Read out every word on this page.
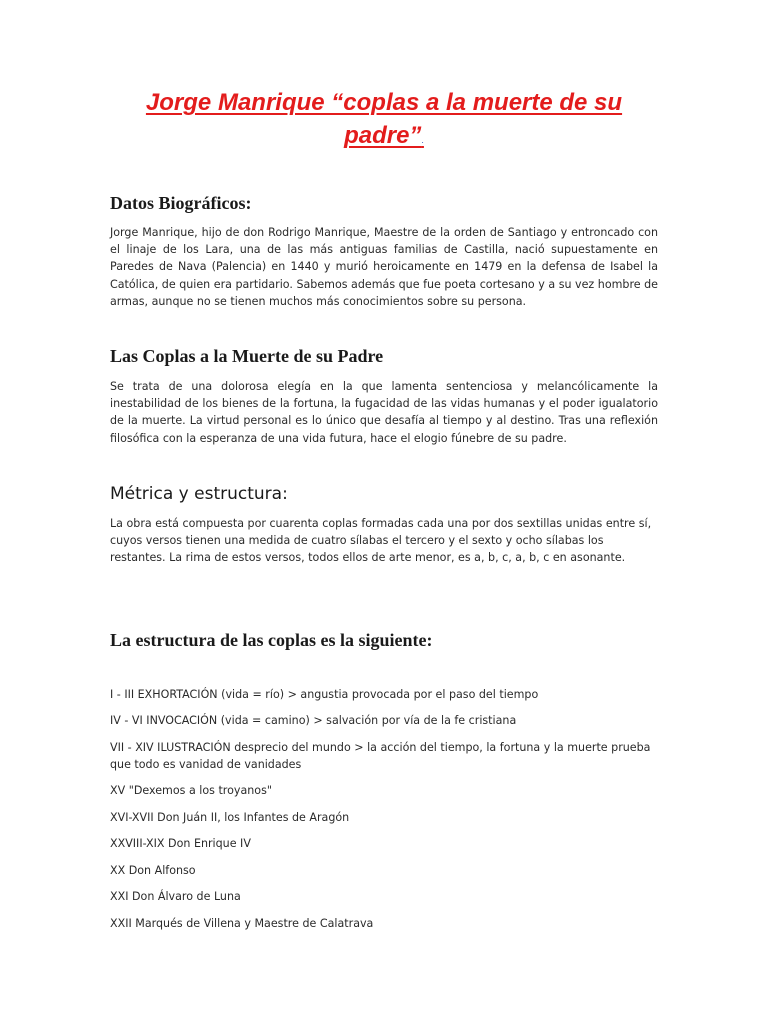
Jorge Manrique “coplas a la muerte de su
padre”.
Datos Biográficos:

Jorge Manrique, hijo de don Rodrigo Manrique, Maestre de la orden de Santiago y entroncado con el linaje de los Lara, una de las más antiguas familias de Castilla, nació supuestamente en Paredes de Nava (Palencia) en 1440 y murió heroicamente en 1479 en la defensa de Isabel la Católica, de quien era partidario. Sabemos además que fue poeta cortesano y a su vez hombre de armas, aunque no se tienen muchos más conocimientos sobre su persona.

Las Coplas a la Muerte de su Padre

Se trata de una dolorosa elegía en la que lamenta sentenciosa y melancólicamente la inestabilidad de los bienes de la fortuna, la fugacidad de las vidas humanas y el poder igualatorio de la muerte. La virtud personal es lo único que desafía al tiempo y al destino. Tras una reflexión filosófica con la esperanza de una vida futura, hace el elogio fúnebre de su padre.

Métrica y estructura:

La obra está compuesta por cuarenta coplas formadas cada una por dos sextillas unidas entre sí, cuyos versos tienen una medida de cuatro sílabas el tercero y el sexto y ocho sílabas los restantes. La rima de estos versos, todos ellos de arte menor, es a, b, c, a, b, c en asonante.

La estructura de las coplas es la siguiente:
I - III EXHORTACIÓN (vida = río) > angustia provocada por el paso del tiempo
IV - VI INVOCACIÓN (vida = camino) > salvación por vía de la fe cristiana
VII - XIV ILUSTRACIÓN desprecio del mundo > la acción del tiempo, la fortuna y la muerte prueba que todo es vanidad de vanidades
XV "Dexemos a los troyanos"
XVI-XVII Don Juán II, los Infantes de Aragón
XXVIII-XIX Don Enrique IV
XX Don Alfonso
XXI Don Álvaro de Luna
XXII Marqués de Villena y Maestre de Calatrava
